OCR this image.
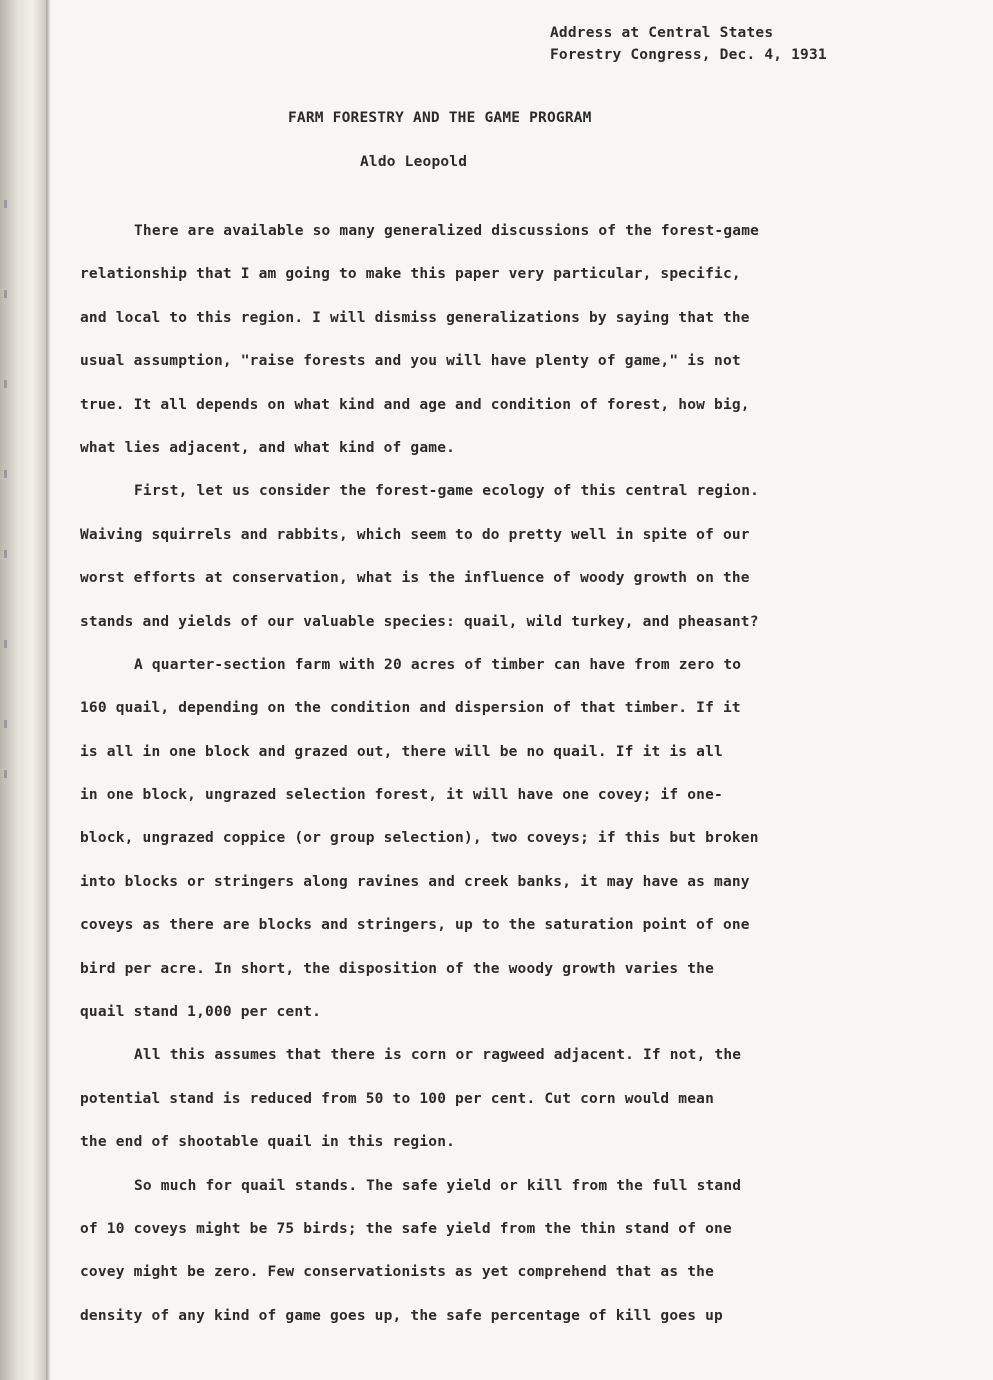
Address at Central States
Forestry Congress, Dec. 4, 1931
FARM FORESTRY AND THE GAME PROGRAM
Aldo Leopold
There are available so many generalized discussions of the forest-game
relationship that I am going to make this paper very particular, specific,
and local to this region. I will dismiss generalizations by saying that the
usual assumption, "raise forests and you will have plenty of game," is not
true. It all depends on what kind and age and condition of forest, how big,
what lies adjacent, and what kind of game.
First, let us consider the forest-game ecology of this central region.
Waiving squirrels and rabbits, which seem to do pretty well in spite of our
worst efforts at conservation, what is the influence of woody growth on the
stands and yields of our valuable species: quail, wild turkey, and pheasant?
A quarter-section farm with 20 acres of timber can have from zero to
160 quail, depending on the condition and dispersion of that timber. If it
is all in one block and grazed out, there will be no quail. If it is all
in one block, ungrazed selection forest, it will have one covey; if one-
block, ungrazed coppice (or group selection), two coveys; if this but broken
into blocks or stringers along ravines and creek banks, it may have as many
coveys as there are blocks and stringers, up to the saturation point of one
bird per acre. In short, the disposition of the woody growth varies the
quail stand 1,000 per cent.
All this assumes that there is corn or ragweed adjacent. If not, the
potential stand is reduced from 50 to 100 per cent. Cut corn would mean
the end of shootable quail in this region.
So much for quail stands. The safe yield or kill from the full stand
of 10 coveys might be 75 birds; the safe yield from the thin stand of one
covey might be zero. Few conservationists as yet comprehend that as the
density of any kind of game goes up, the safe percentage of kill goes up
